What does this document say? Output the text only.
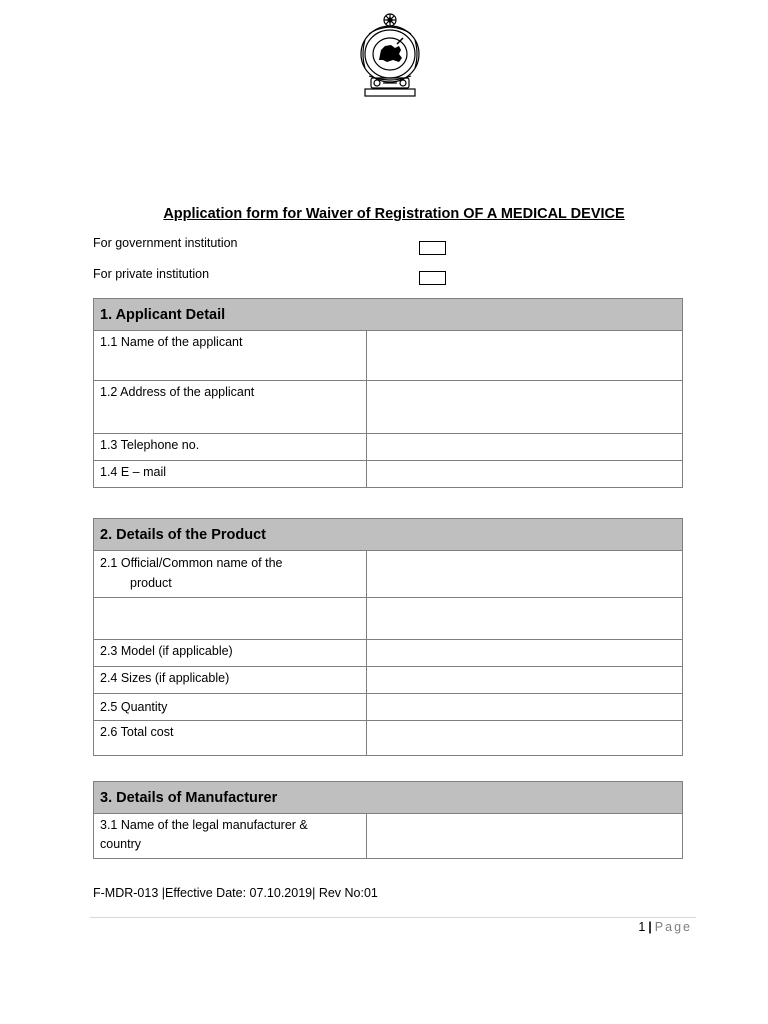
Application form for Waiver of Registration OF A MEDICAL DEVICE
For government institution
For private institution
1. Applicant Detail	
1.1 Name of the applicant	
1.2 Address of the applicant	
1.3 Telephone no.	
1.4 E – mail	
2. Details of the Product	
2.1 Official/Common name of the
product	

2.3 Model (if applicable)	
2.4 Sizes (if applicable)	
2.5 Quantity	
2.6 Total cost	
3. Details of Manufacturer
3.1 Name of the legal manufacturer &
country	
F-MDR-013 |Effective Date: 07.10.2019| Rev No:01
1 | Page
